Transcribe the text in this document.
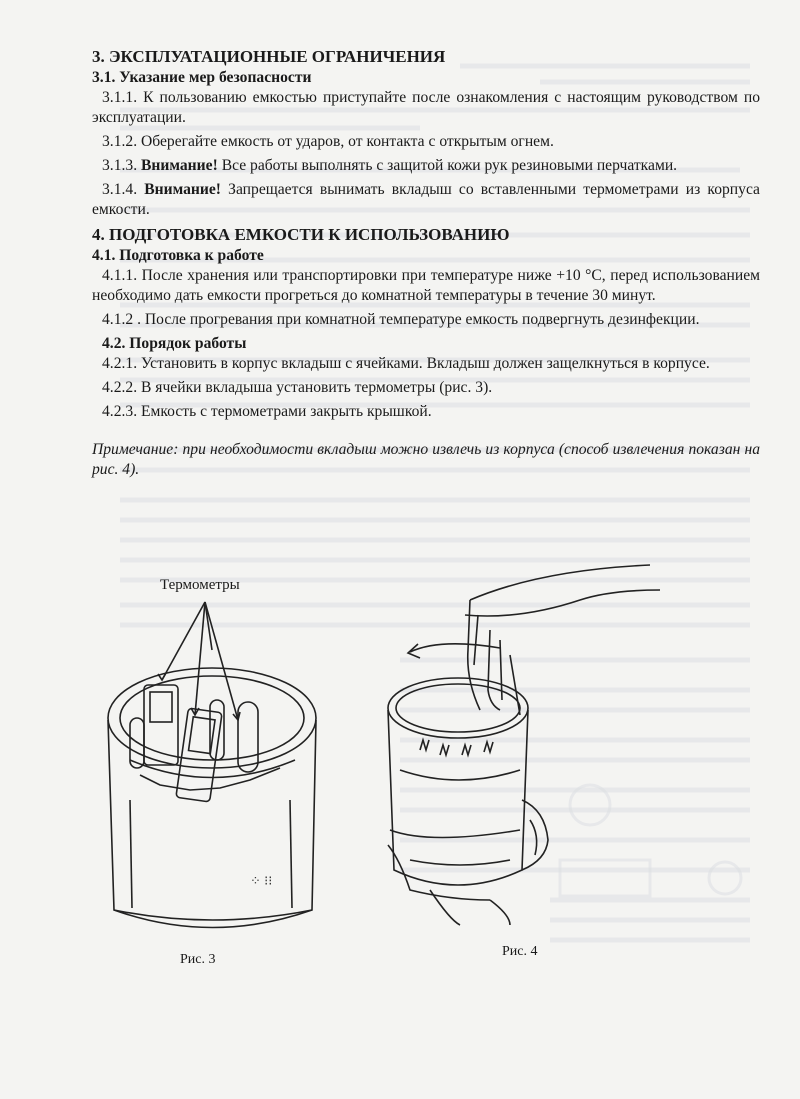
3. ЭКСПЛУАТАЦИОННЫЕ ОГРАНИЧЕНИЯ

3.1. Указание мер безопасности

3.1.1. К пользованию емкостью приступайте после ознакомления с настоящим руководством по эксплуатации.

3.1.2. Оберегайте емкость от ударов, от контакта с открытым огнем.

3.1.3. Внимание! Все работы выполнять с защитой кожи рук резиновыми перчатками.

3.1.4. Внимание! Запрещается вынимать вкладыш со вставленными термометрами из корпуса емкости.

4. ПОДГОТОВКА ЕМКОСТИ К ИСПОЛЬЗОВАНИЮ

4.1. Подготовка к работе

4.1.1. После хранения или транспортировки при температуре ниже +10 °С, перед использованием необходимо дать емкости прогреться до комнатной температуры в течение 30 минут.

4.1.2 . После прогревания при комнатной температуре емкость подвергнуть дезинфекции.

4.2. Порядок работы

4.2.1. Установить в корпус вкладыш с ячейками. Вкладыш должен защелкнуться в корпусе.

4.2.2. В ячейки вкладыша установить термометры (рис. 3).

4.2.3. Емкость с термометрами закрыть крышкой.

Примечание: при необходимости вкладыш можно извлечь из корпуса (способ извлечения показан на рис. 4).

Термометры
⁘ ⁝⁝
Рис. 3
Рис. 4
